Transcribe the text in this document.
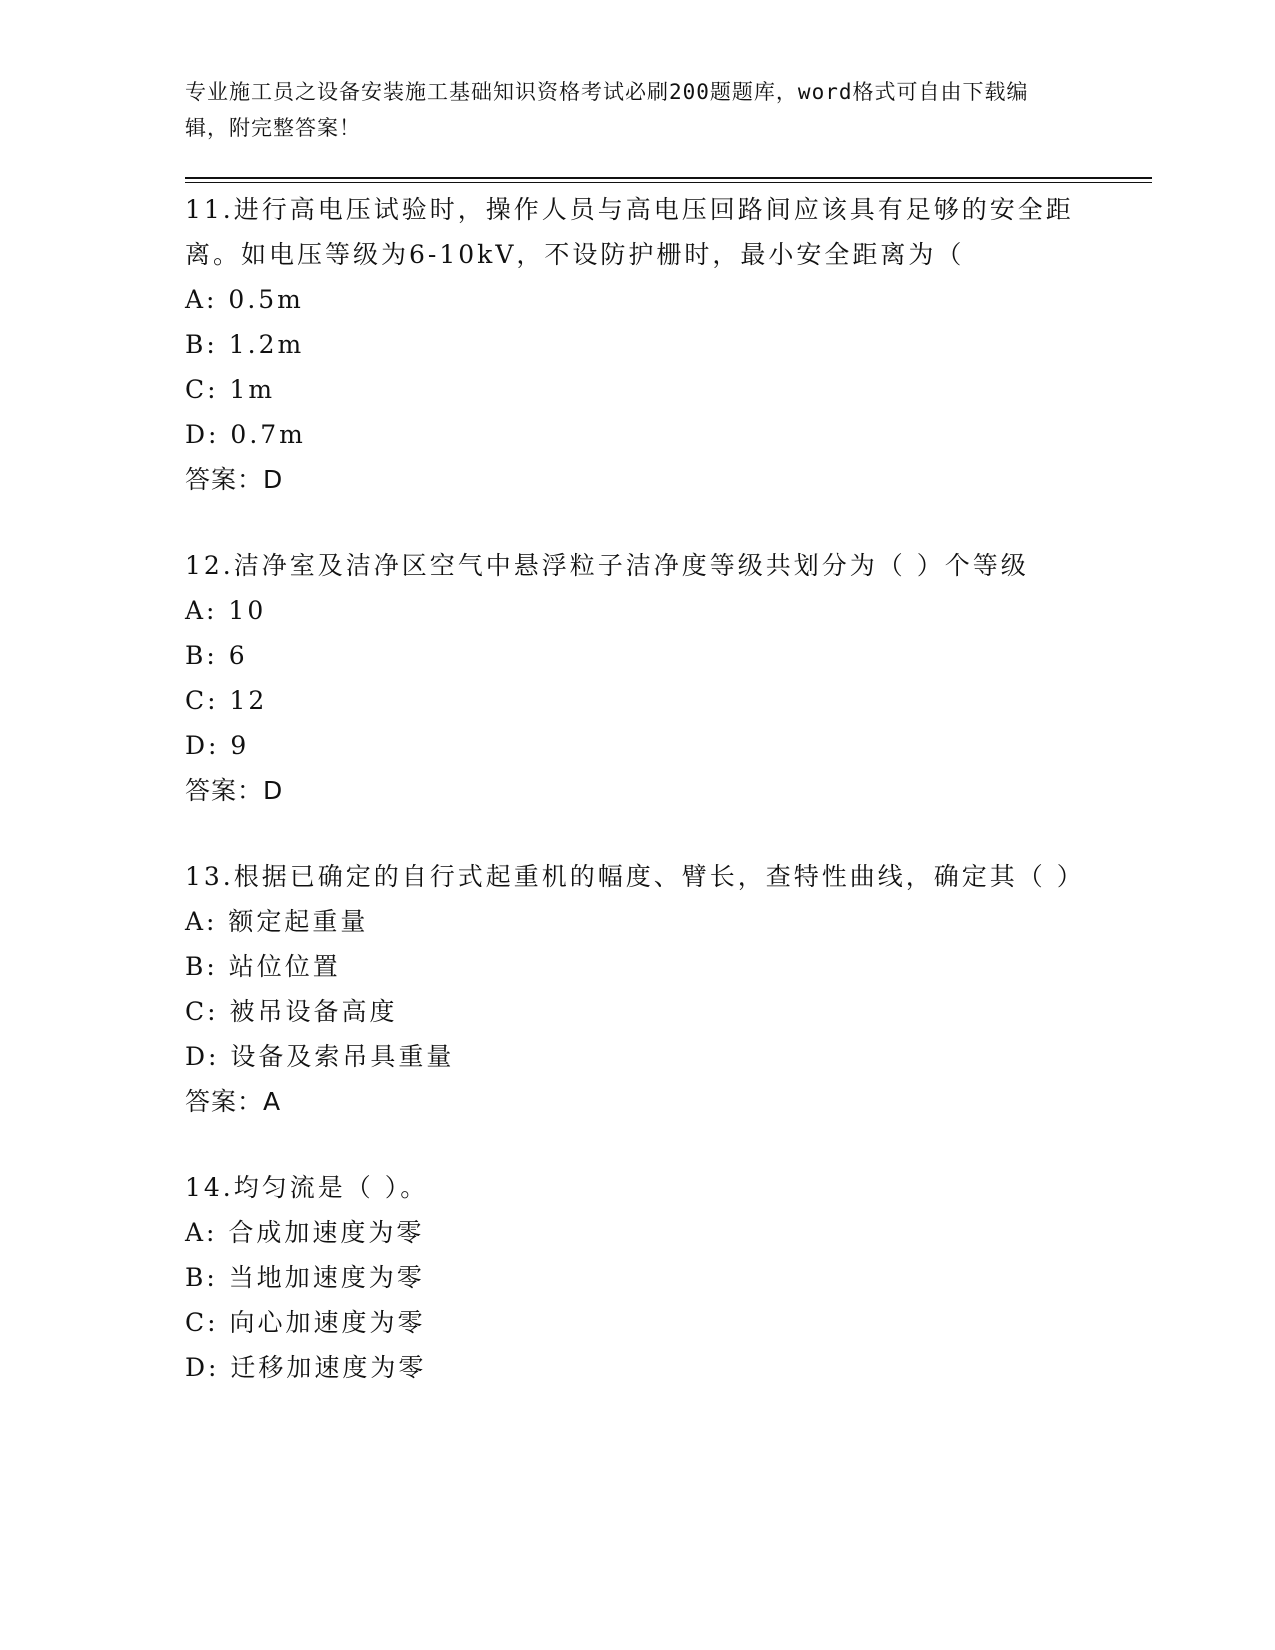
专业施工员之设备安装施工基础知识资格考试必刷200题题库，word格式可自由下载编辑，附完整答案！

11.进行高电压试验时，操作人员与高电压回路间应该具有足够的安全距离。如电压等级为6-10kV，不设防护栅时，最小安全距离为（

A: 0.5m

B: 1.2m

C: 1m

D: 0.7m

答案：D

12.洁净室及洁净区空气中悬浮粒子洁净度等级共划分为（ ）个等级

A: 10

B: 6

C: 12

D: 9

答案：D

13.根据已确定的自行式起重机的幅度、臂长，查特性曲线，确定其（ ）

A: 额定起重量

B: 站位位置

C: 被吊设备高度

D: 设备及索吊具重量

答案：A

14.均匀流是（ ）。

A: 合成加速度为零

B: 当地加速度为零

C: 向心加速度为零

D: 迁移加速度为零
